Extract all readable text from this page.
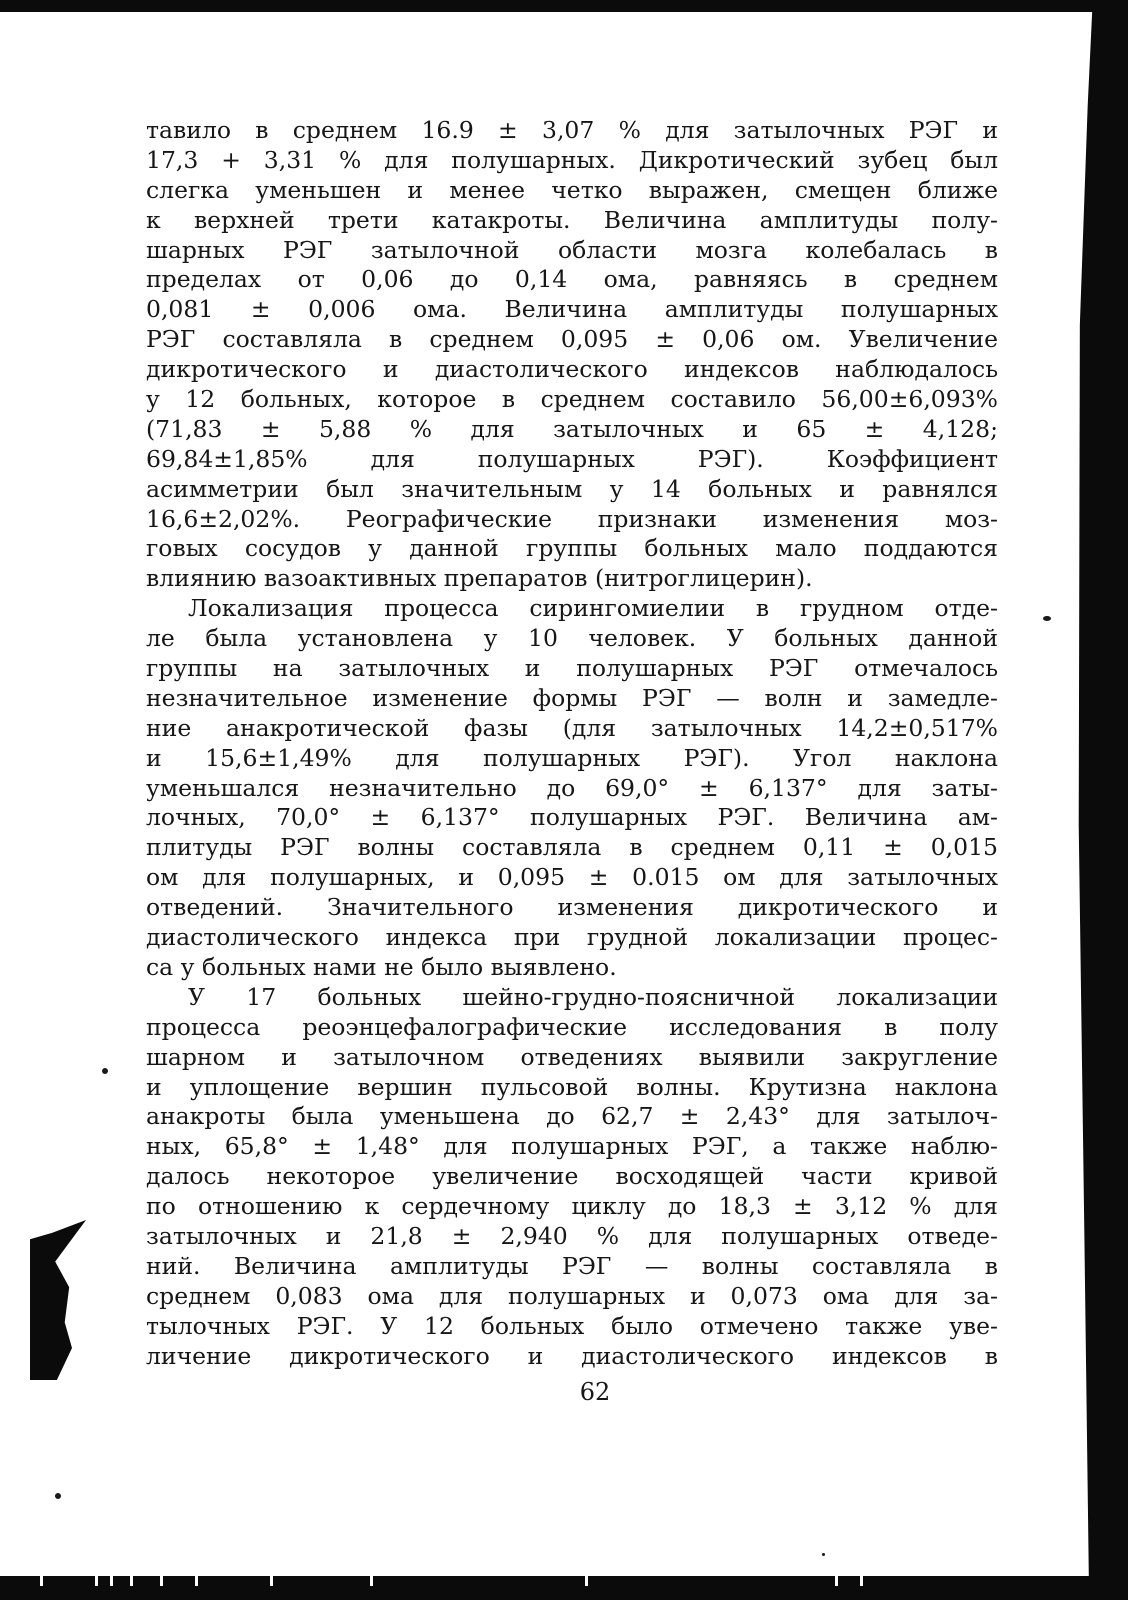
тавило в среднем 16.9 ± 3,07 % для затылочных РЭГ и
17,3 + 3,31 % для полушарных. Дикротический зубец был
слегка уменьшен и менее четко выражен, смещен ближе
к верхней трети катакроты. Величина амплитуды полу-
шарных РЭГ затылочной области мозга колебалась в
пределах от 0,06 до 0,14 ома, равняясь в среднем
0,081 ± 0,006 ома. Величина амплитуды полушарных
РЭГ составляла в среднем 0,095 ± 0,06 ом. Увеличение
дикротического и диастолического индексов наблюдалось
у 12 больных, которое в среднем составило 56,00±6,093%
(71,83 ± 5,88 % для затылочных и 65 ± 4,128;
69,84±1,85% для полушарных РЭГ). Коэффициент
асимметрии был значительным у 14 больных и равнялся
16,6±2,02%. Реографические признаки изменения моз-
говых сосудов у данной группы больных мало поддаются
влиянию вазоактивных препаратов (нитроглицерин).
Локализация процесса сирингомиелии в грудном отде-
ле была установлена у 10 человек. У больных данной
группы на затылочных и полушарных РЭГ отмечалось
незначительное изменение формы РЭГ — волн и замедле-
ние анакротической фазы (для затылочных 14,2±0,517%
и 15,6±1,49% для полушарных РЭГ). Угол наклона
уменьшался незначительно до 69,0° ± 6,137° для заты-
лочных, 70,0° ± 6,137° полушарных РЭГ. Величина ам-
плитуды РЭГ волны составляла в среднем 0,11 ± 0,015
ом для полушарных, и 0,095 ± 0.015 ом для затылочных
отведений. Значительного изменения дикротического и
диастолического индекса при грудной локализации процес-
са у больных нами не было выявлено.
У 17 больных шейно-грудно-поясничной локализации
процесса реоэнцефалографические исследования в полу
шарном и затылочном отведениях выявили закругление
и уплощение вершин пульсовой волны. Крутизна наклона
анакроты была уменьшена до 62,7 ± 2,43° для затылоч-
ных, 65,8° ± 1,48° для полушарных РЭГ, а также наблю-
далось некоторое увеличение восходящей части кривой
по отношению к сердечному циклу до 18,3 ± 3,12 % для
затылочных и 21,8 ± 2,940 % для полушарных отведе-
ний. Величина амплитуды РЭГ — волны составляла в
среднем 0,083 ома для полушарных и 0,073 ома для за-
тылочных РЭГ. У 12 больных было отмечено также уве-
личение дикротического и диастолического индексов в
62
